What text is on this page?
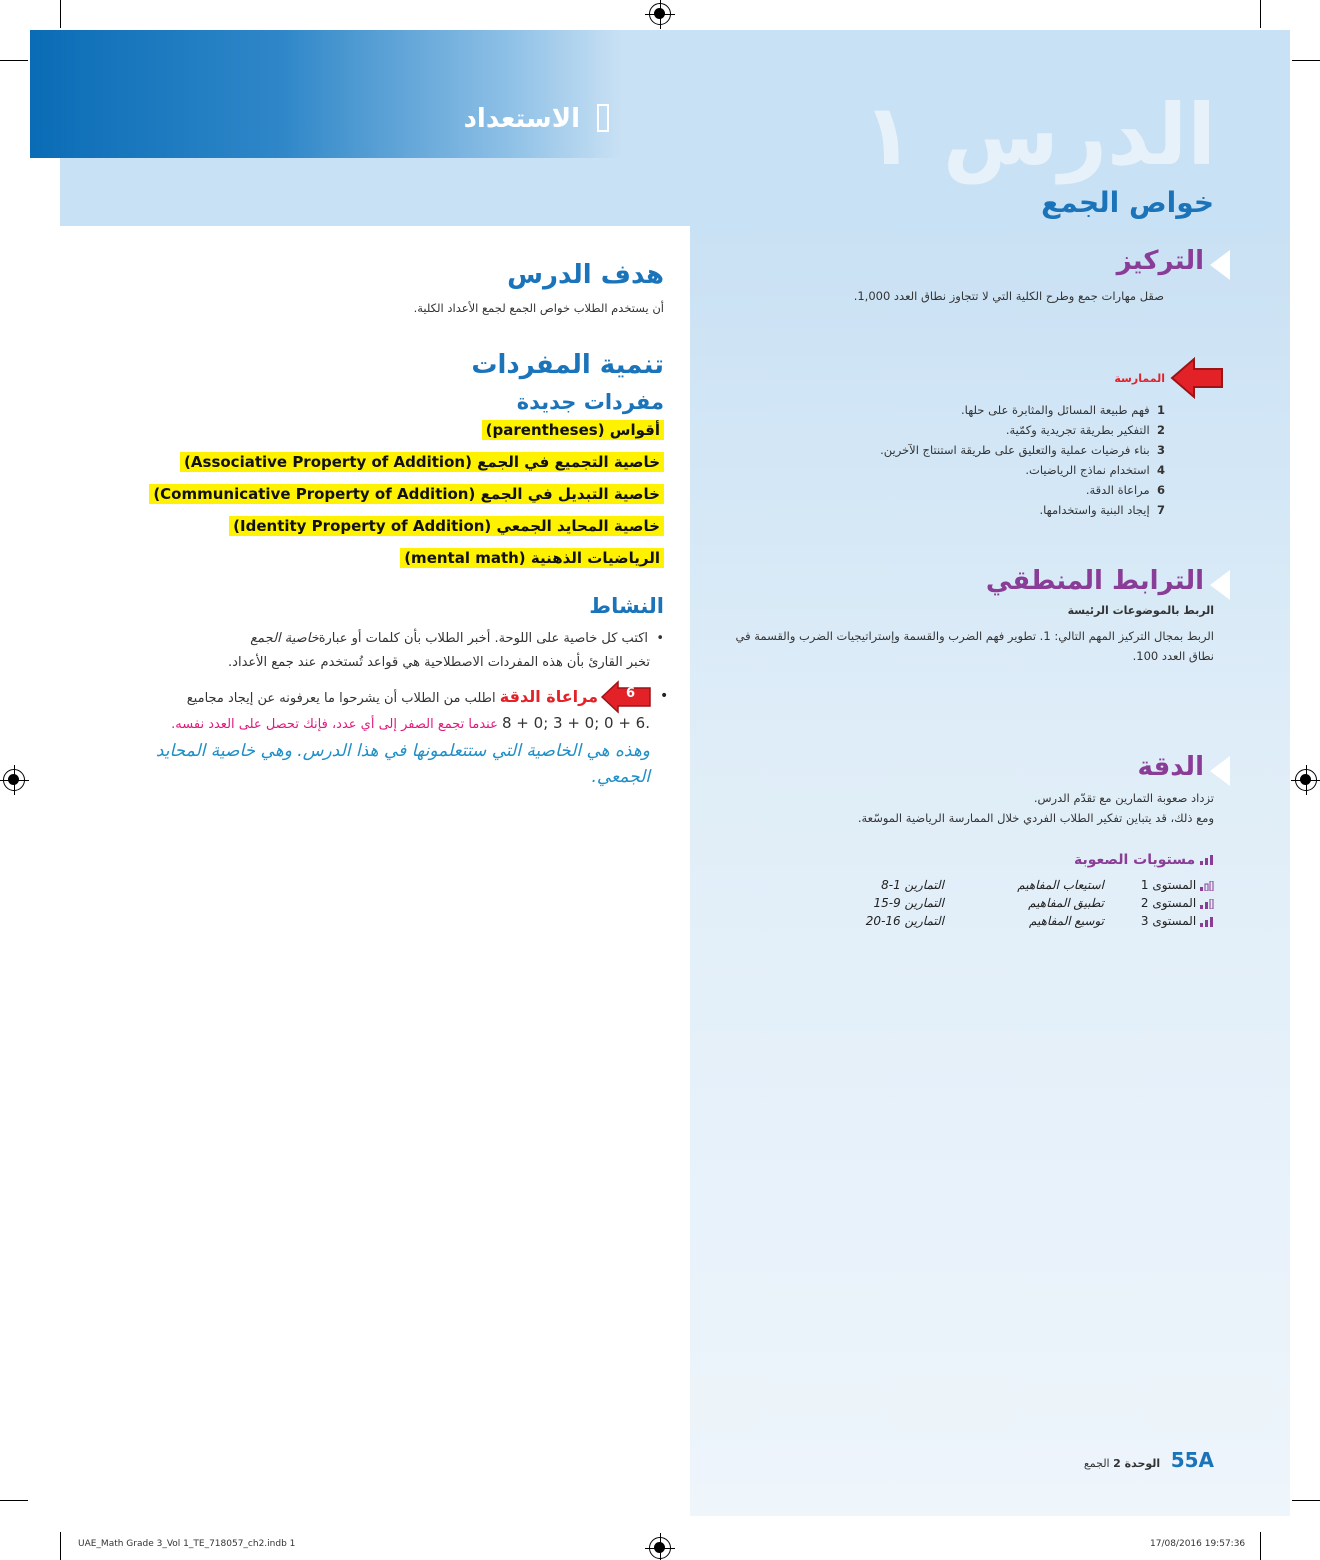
الاستعداد	الدرس ١
خواص الجمع
التركيز
صقل مهارات جمع وطرح الكلية التي لا تتجاوز نطاق العدد 1,000.
الممارسة
1  فهم طبيعة المسائل والمثابرة على حلها.
2  التفكير بطريقة تجريدية وكمّية.
3  بناء فرضيات عملية والتعليق على طريقة استنتاج الآخرين.
4  استخدام نماذج الرياضيات.
6  مراعاة الدقة.
7  إيجاد البنية واستخدامها.
الترابط المنطقي
الربط بالموضوعات الرئيسة
الربط بمجال التركيز المهم التالي: 1. تطوير فهم الضرب والقسمة وإستراتيجيات الضرب والقسمة في نطاق العدد 100.
الدقة
تزداد صعوبة التمارين مع تقدّم الدرس.
ومع ذلك، قد يتباين تفكير الطلاب الفردي خلال الممارسة الرياضية الموسّعة.
مستويات الصعوبة
المستوى 1	استيعاب المفاهيم	التمارين 1-8
المستوى 2	تطبيق المفاهيم	التمارين 9-15
المستوى 3	توسيع المفاهيم	التمارين 16-20
هدف الدرس
أن يستخدم الطلاب خواص الجمع لجمع الأعداد الكلية.
تنمية المفردات
مفردات جديدة
أقواس (parentheses)
خاصية التجميع في الجمع (Associative Property of Addition)
خاصية التبديل في الجمع (Communicative Property of Addition)
خاصية المحايد الجمعي (Identity Property of Addition)
الرياضيات الذهنية (mental math)
النشاط
•  اكتب كل خاصية على اللوحة. أخبر الطلاب بأن كلمات أو عبارةخاصية الجمع
تخبر القارئ بأن هذه المفردات الاصطلاحية هي قواعد تُستخدم عند جمع الأعداد.
6 •
مراعاة الدقة اطلب من الطلاب أن يشرحوا ما يعرفونه عن إيجاد مجاميع
8 + 0; 3 + 0; 0 + 6. عندما تجمع الصفر إلى أي عدد، فإنك تحصل على العدد نفسه.
وهذه هي الخاصية التي ستتعلمونها في هذا الدرس. وهي خاصية المحايد الجمعي.
55A   الوحدة 2 الجمع
UAE_Math Grade 3_Vol 1_TE_718057_ch2.indb 1	17/08/2016 19:57:36
